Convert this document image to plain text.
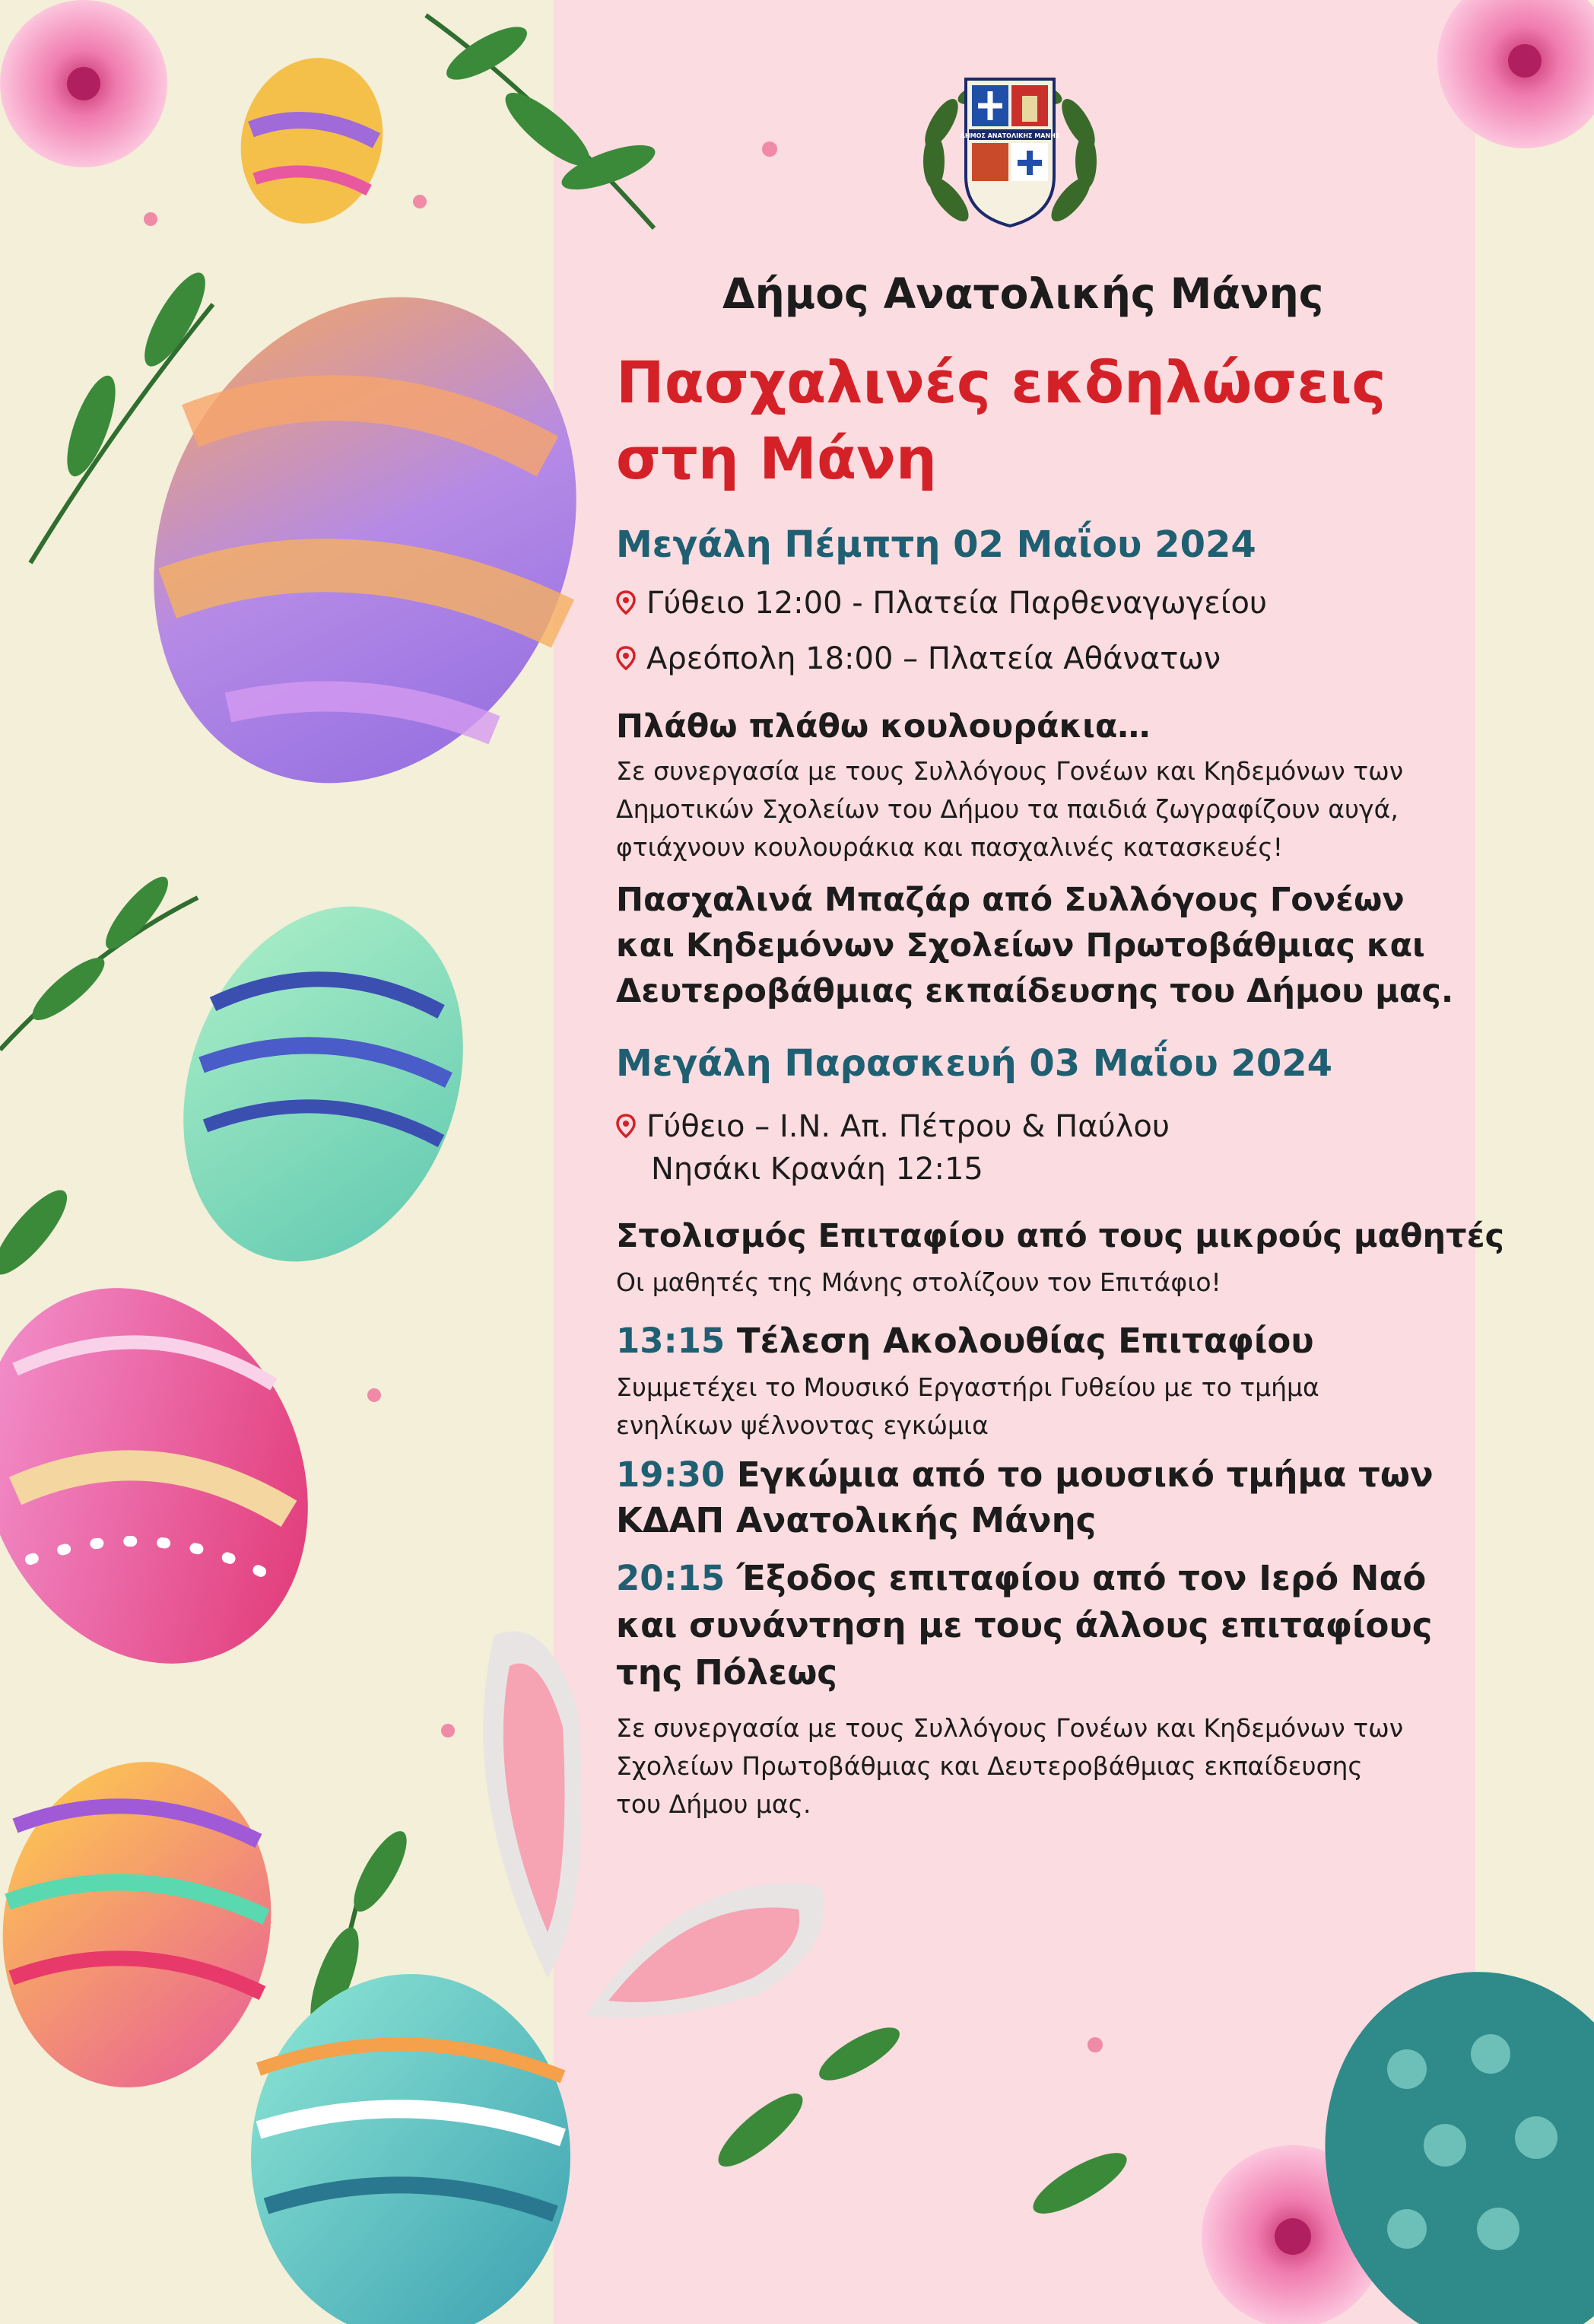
ΔΗΜΟΣ ΑΝΑΤΟΛΙΚΗΣ ΜΑΝΗΣ
Δήμος Ανατολικής Μάνης
Πασχαλινές εκδηλώσεις
στη Μάνη
Μεγάλη Πέμπτη 02 Μαΐου 2024
Γύθειο 12:00 - Πλατεία Παρθεναγωγείου
Αρεόπολη 18:00 – Πλατεία Αθάνατων
Πλάθω πλάθω κουλουράκια…
Σε συνεργασία με τους Συλλόγους Γονέων και Κηδεμόνων των
Δημοτικών Σχολείων του Δήμου τα παιδιά ζωγραφίζουν αυγά,
φτιάχνουν κουλουράκια και πασχαλινές κατασκευές!
Πασχαλινά Μπαζάρ από Συλλόγους Γονέων
και Κηδεμόνων Σχολείων Πρωτοβάθμιας και
Δευτεροβάθμιας εκπαίδευσης του Δήμου μας.
Μεγάλη Παρασκευή 03 Μαΐου 2024
Γύθειο – Ι.Ν. Απ. Πέτρου & Παύλου
Νησάκι Κρανάη 12:15
Στολισμός Επιταφίου από τους μικρούς μαθητές
Οι μαθητές της Μάνης στολίζουν τον Επιτάφιο!
13:15 Τέλεση Ακολουθίας Επιταφίου
Συμμετέχει το Μουσικό Εργαστήρι Γυθείου με το τμήμα
ενηλίκων ψέλνοντας εγκώμια
19:30 Εγκώμια από το μουσικό τμήμα των
ΚΔΑΠ Ανατολικής Μάνης
20:15 Έξοδος επιταφίου από τον Ιερό Ναό
και συνάντηση με τους άλλους επιταφίους
της Πόλεως
Σε συνεργασία με τους Συλλόγους Γονέων και Κηδεμόνων των
Σχολείων Πρωτοβάθμιας και Δευτεροβάθμιας εκπαίδευσης
του Δήμου μας.
